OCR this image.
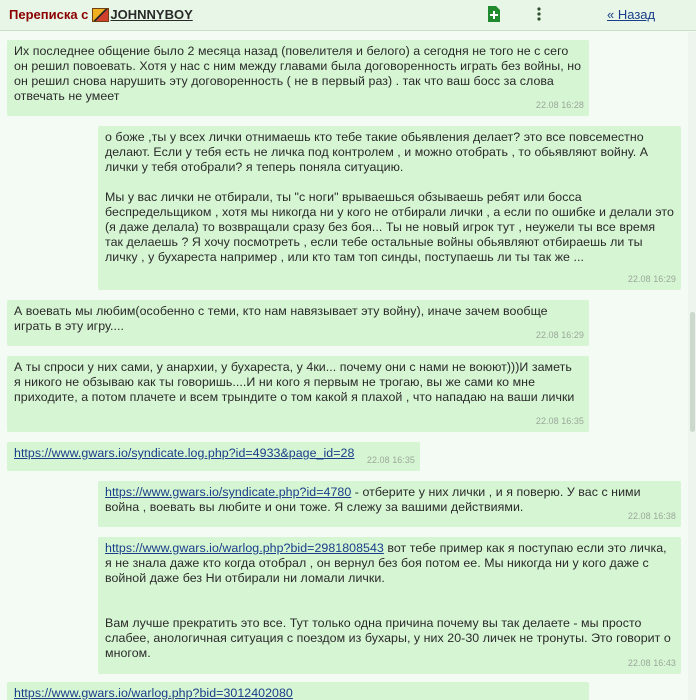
Переписка с JOHNNYBOY	« Назад

Их последнее общение было 2 месяца назад (повелителя и белого) а сегодня не того не с сего он решил повоевать. Хотя у нас с ним между главами была договоренность играть без войны, но он решил снова нарушить эту договоренность ( не в первый раз) . так что ваш босс за слова отвечать не умеет

22.08 16:28

о боже ,ты у всех лички отнимаешь кто тебе такие обьявления делает? это все повсеместно делают. Если у тебя есть не личка под контролем , и можно отобрать , то обьявляют войну. А лички у тебя отобрали? я теперь поняла ситуацию.

Мы у вас лички не отбирали, ты "с ноги" врываешься обзываешь ребят или босса беспредельщиком , хотя мы никогда ни у кого не отбирали лички , а если по ошибке и делали это (я даже делала) то возвращали сразу без боя... Ты не новый игрок тут , неужели ты все время так делаешь ? Я хочу посмотреть , если тебе остальные войны обьявляют отбираешь ли ты личку , у бухареста например , или кто там топ синды, поступаешь ли ты так же ...

22.08 16:29

А воевать мы любим(особенно с теми, кто нам навязывает эту войну), иначе зачем вообще играть в эту игру....

22.08 16:29

А ты спроси у них сами, у анархии, у бухареста, у 4ки... почему они с нами не воюют)))И заметь я никого не обзываю как ты говоришь....И ни кого я первым не трогаю, вы же сами ко мне приходите, а потом плачете и всем трындите о том какой я плахой , что нападаю на ваши лички

22.08 16:35

https://www.gwars.io/syndicate.log.php?id=4933&page_id=28	22.08 16:35

https://www.gwars.io/syndicate.php?id=4780 - отберите у них лички , и я поверю. У вас с ними война , воевать вы любите и они тоже. Я слежу за вашими действиями.

22.08 16:38

https://www.gwars.io/warlog.php?bid=2981808543 вот тебе пример как я поступаю если это личка, я не знала даже кто когда отобрал , он вернул без боя потом ее. Мы никогда ни у кого даже с войной даже без Ни отбирали ни ломали лички.

Вам лучше прекратить это все. Тут только одна причина почему вы так делаете - мы просто слабее, анологичная ситуация с поездом из бухары, у них 20-30 личек не тронуты. Это говорит о многом.

22.08 16:43

https://www.gwars.io/warlog.php?bid=3012402080
